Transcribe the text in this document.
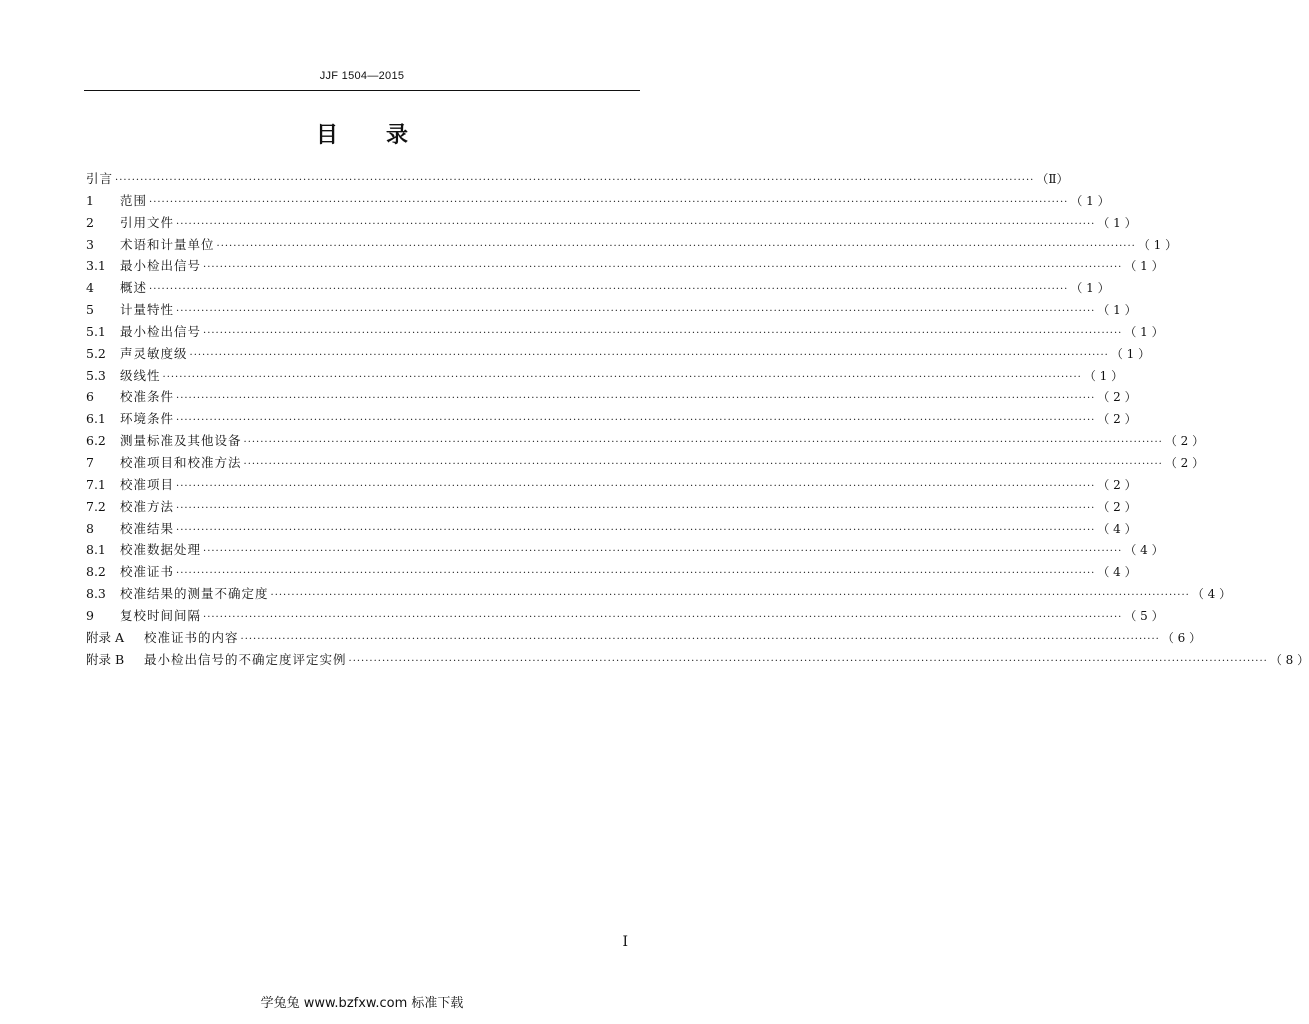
JJF 1504—2015
目 录
引言 ···························································································································································································································· （Ⅱ）
1	范围 ···························································································································································································································· （ 1 ）
2	引用文件 ···························································································································································································································· （ 1 ）
3	术语和计量单位 ···························································································································································································································· （ 1 ）
3.1	最小检出信号 ···························································································································································································································· （ 1 ）
4	概述 ···························································································································································································································· （ 1 ）
5	计量特性 ···························································································································································································································· （ 1 ）
5.1	最小检出信号 ···························································································································································································································· （ 1 ）
5.2	声灵敏度级 ···························································································································································································································· （ 1 ）
5.3	级线性 ···························································································································································································································· （ 1 ）
6	校准条件 ···························································································································································································································· （ 2 ）
6.1	环境条件 ···························································································································································································································· （ 2 ）
6.2	测量标准及其他设备 ···························································································································································································································· （ 2 ）
7	校准项目和校准方法 ···························································································································································································································· （ 2 ）
7.1	校准项目 ···························································································································································································································· （ 2 ）
7.2	校准方法 ···························································································································································································································· （ 2 ）
8	校准结果 ···························································································································································································································· （ 4 ）
8.1	校准数据处理 ···························································································································································································································· （ 4 ）
8.2	校准证书 ···························································································································································································································· （ 4 ）
8.3	校准结果的测量不确定度 ···························································································································································································································· （ 4 ）
9	复校时间间隔 ···························································································································································································································· （ 5 ）
附录 A	校准证书的内容 ···························································································································································································································· （ 6 ）
附录 B	最小检出信号的不确定度评定实例 ···························································································································································································································· （ 8 ）
I
学兔兔 www.bzfxw.com 标准下载
